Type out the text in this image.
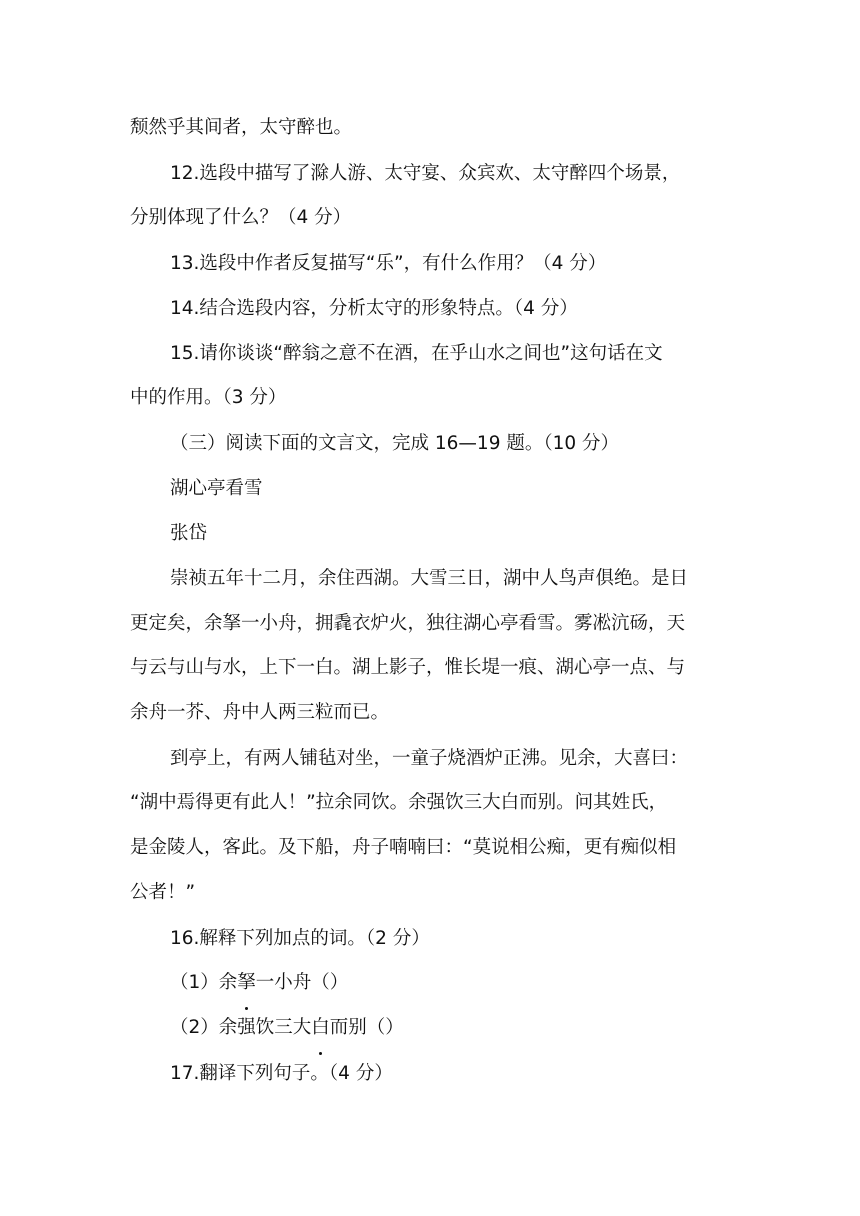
颓然乎其间者，太守醉也。
12.选段中描写了滁人游、太守宴、众宾欢、太守醉四个场景，
分别体现了什么？（4 分）
13.选段中作者反复描写“乐”，有什么作用？（4 分）
14.结合选段内容，分析太守的形象特点。（4 分）
15.请你谈谈“醉翁之意不在酒，在乎山水之间也”这句话在文
中的作用。（3 分）
（三）阅读下面的文言文，完成 16—19 题。（10 分）
湖心亭看雪
张岱
崇祯五年十二月，余住西湖。大雪三日，湖中人鸟声俱绝。是日
更定矣，余拏一小舟，拥毳衣炉火，独往湖心亭看雪。雾凇沆砀，天
与云与山与水，上下一白。湖上影子，惟长堤一痕、湖心亭一点、与
余舟一芥、舟中人两三粒而已。
到亭上，有两人铺毡对坐，一童子烧酒炉正沸。见余，大喜曰：
“湖中焉得更有此人！”拉余同饮。余强饮三大白而别。问其姓氏，
是金陵人，客此。及下船，舟子喃喃曰：“莫说相公痴，更有痴似相
公者！”
16.解释下列加点的词。（2 分）
（1）余拏一小舟（）
（2）余强饮三大白而别（）
17.翻译下列句子。（4 分）
